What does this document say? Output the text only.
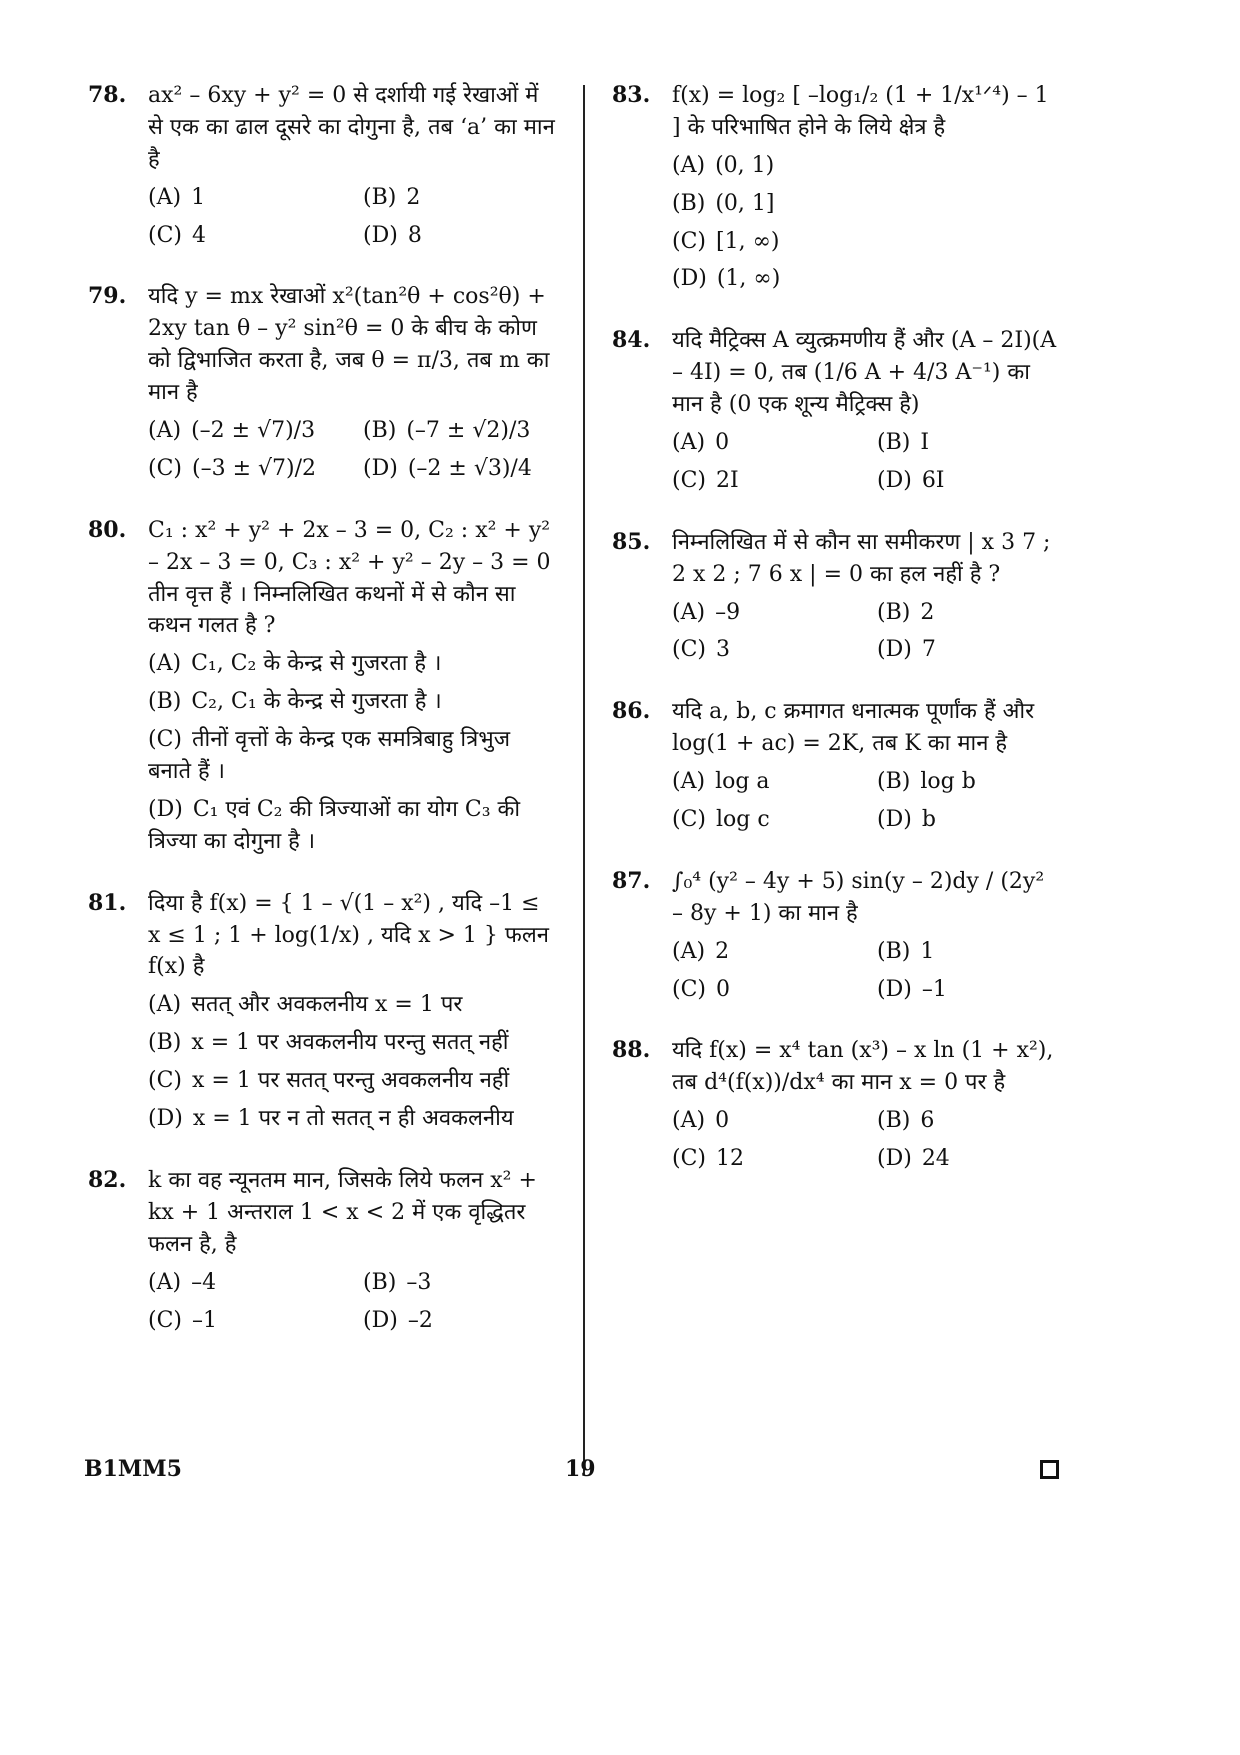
78. ax² – 6xy + y² = 0 से दर्शायी गई रेखाओं में से एक का ढाल दूसरे का दोगुना है, तब ‘a’ का मान है

(A) 1	(B) 2
(C) 4	(D) 8
79. यदि y = mx रेखाओं x²(tan²θ + cos²θ) + 2xy tan θ – y² sin²θ = 0 के बीच के कोण को द्विभाजित करता है, जब θ = π/3, तब m का मान है

(A) (–2 ± √7)/3	(B) (–7 ± √2)/3
(C) (–3 ± √7)/2	(D) (–2 ± √3)/4
80. C₁ : x² + y² + 2x – 3 = 0, C₂ : x² + y² – 2x – 3 = 0, C₃ : x² + y² – 2y – 3 = 0 तीन वृत्त हैं । निम्नलिखित कथनों में से कौन सा कथन गलत है ?

(A) C₁, C₂ के केन्द्र से गुजरता है ।
(B) C₂, C₁ के केन्द्र से गुजरता है ।
(C) तीनों वृत्तों के केन्द्र एक समत्रिबाहु त्रिभुज बनाते हैं ।
(D) C₁ एवं C₂ की त्रिज्याओं का योग C₃ की त्रिज्या का दोगुना है ।
81. दिया है f(x) = { 1 – √(1 – x²) , यदि –1 ≤ x ≤ 1 ; 1 + log(1/x) , यदि x > 1 } फलन f(x) है

(A) सतत् और अवकलनीय x = 1 पर
(B) x = 1 पर अवकलनीय परन्तु सतत् नहीं
(C) x = 1 पर सतत् परन्तु अवकलनीय नहीं
(D) x = 1 पर न तो सतत् न ही अवकलनीय
82. k का वह न्यूनतम मान, जिसके लिये फलन x² + kx + 1 अन्तराल 1 < x < 2 में एक वृद्धितर फलन है, है

(A) –4	(B) –3
(C) –1	(D) –2
83. f(x) = log₂ [ –log₁/₂ (1 + 1/x¹ᐟ⁴) – 1 ] के परिभाषित होने के लिये क्षेत्र है

(A) (0, 1)
(B) (0, 1]
(C) [1, ∞)
(D) (1, ∞)
84. यदि मैट्रिक्स A व्युत्क्रमणीय हैं और (A – 2I)(A – 4I) = 0, तब (1/6 A + 4/3 A⁻¹) का मान है (0 एक शून्य मैट्रिक्स है)

(A) 0	(B) I
(C) 2I	(D) 6I
85. निम्नलिखित में से कौन सा समीकरण | x 3 7 ; 2 x 2 ; 7 6 x | = 0 का हल नहीं है ?

(A) –9	(B) 2
(C) 3	(D) 7
86. यदि a, b, c क्रमागत धनात्मक पूर्णांक हैं और log(1 + ac) = 2K, तब K का मान है

(A) log a	(B) log b
(C) log c	(D) b
87. ∫₀⁴ (y² – 4y + 5) sin(y – 2)dy / (2y² – 8y + 1) का मान है

(A) 2	(B) 1
(C) 0	(D) –1
88. यदि f(x) = x⁴ tan (x³) – x ln (1 + x²), तब d⁴(f(x))/dx⁴ का मान x = 0 पर है

(A) 0	(B) 6
(C) 12	(D) 24
B1MM5	19
